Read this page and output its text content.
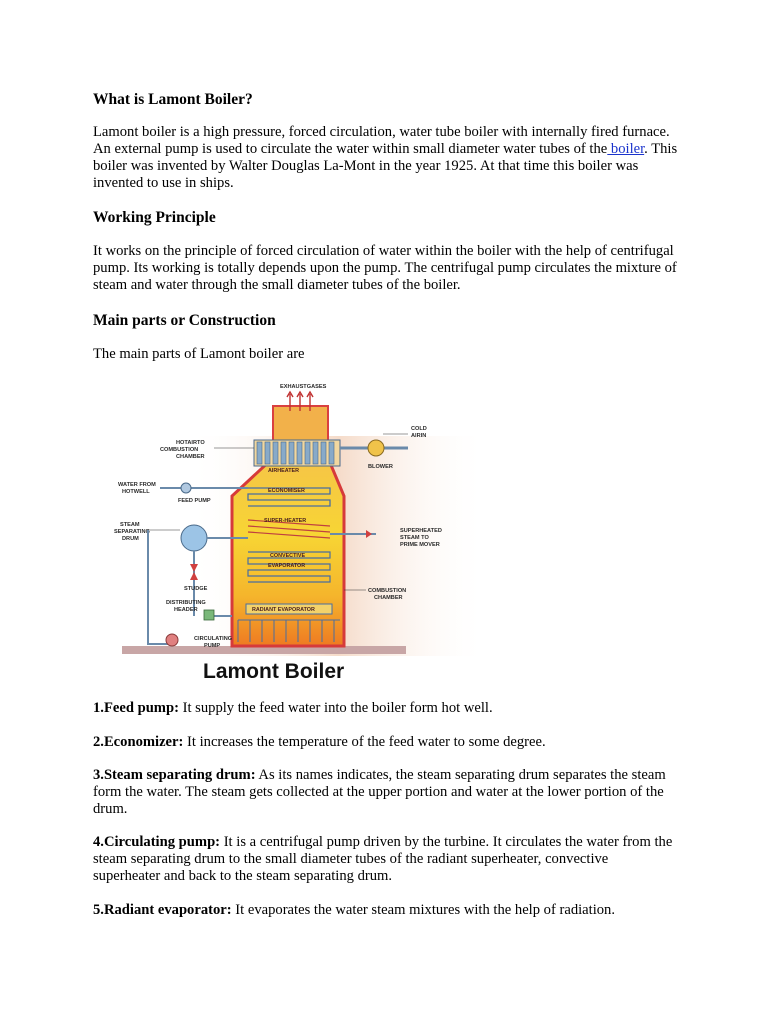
What is Lamont Boiler?

Lamont boiler is a high pressure, forced circulation, water tube boiler with internally fired furnace. An external pump is used to circulate the water within small diameter water tubes of the boiler. This boiler was invented by Walter Douglas La-Mont in the year 1925. At that time this boiler was invented to use in ships.

Working Principle

It works on the principle of forced circulation of water within the boiler with the help of centrifugal pump. Its working is totally depends upon the pump. The centrifugal pump circulates the mixture of steam and water through the small diameter tubes of the boiler.

Main parts or Construction

The main parts of Lamont boiler are

EXHAUSTGASES
AIRHEATER
BLOWER
COLD
AIRIN
HOTAIRTO
COMBUSTION
CHAMBER
ECONOMISER
WATER FROM
HOTWELL
FEED PUMP
SUPER-HEATER
SUPERHEATED
STEAM TO
PRIME MOVER
STEAM
SEPARATING
DRUM
CONVECTIVE
EVAPORATOR
STUDGE
DISTRIBUTING
HEADER
COMBUSTION
CHAMBER
RADIANT EVAPORATOR
CIRCULATING
PUMP
Lamont Boiler

1.Feed pump: It supply the feed water into the boiler form hot well.

2.Economizer: It increases the temperature of the feed water to some degree.

3.Steam separating drum: As its names indicates, the steam separating drum separates the steam form the water. The steam gets collected at the upper portion and water at the lower portion of the drum.

4.Circulating pump: It is a centrifugal pump driven by the turbine. It circulates the water from the steam separating drum to the small diameter tubes of the radiant superheater, convective superheater and back to the steam separating drum.

5.Radiant evaporator: It evaporates the water steam mixtures with the help of radiation.
